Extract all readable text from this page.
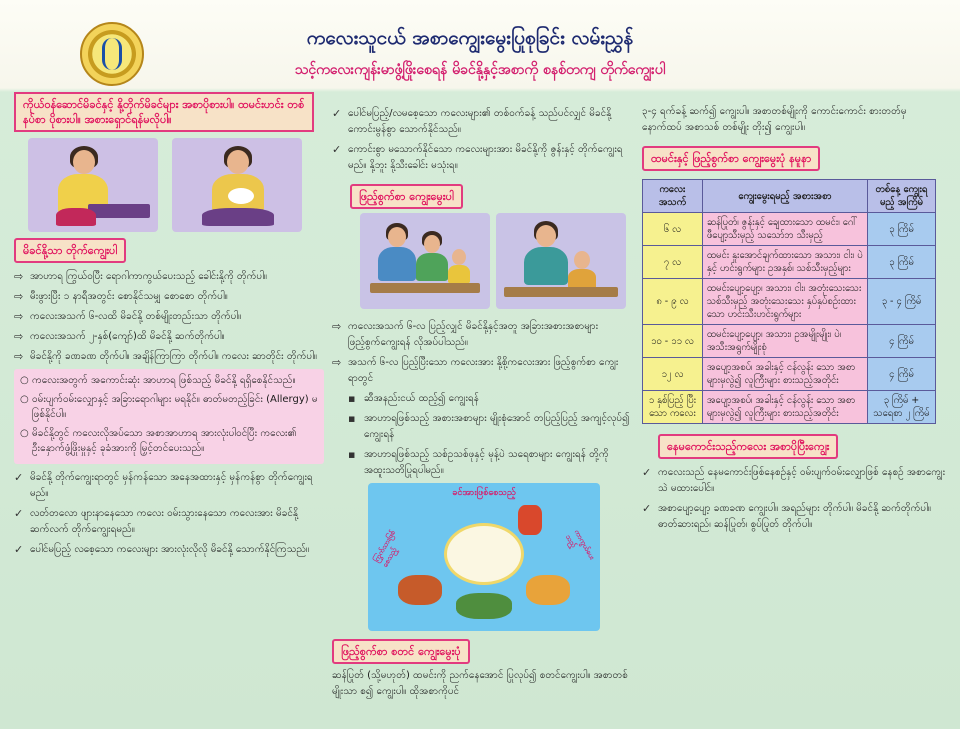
ကလေးသူငယ် အစာကျွေးမွေးပြုစုခြင်း လမ်းညွှန်
သင့်ကလေးကျန်းမာဖွံ့ဖြိုးစေရန် မိခင်နို့နှင့်အစာကို စနစ်တကျ တိုက်ကျွေးပါ
ကိုယ်ဝန်ဆောင်မိခင်နှင့် နို့တိုက်မိခင်များ အစာပိုစားပါ။ ထမင်းဟင်း တစ်နပ်စာ ပိုစားပါ။ အစားရှောင်ရန်မလိုပါ။
မိခင်နို့သာ တိုက်ကျွေးပါ
⇨ အာဟာရ ကြွယ်ဝပြီး ရောဂါကာကွယ်ပေးသည့် ခေါင်းနို့ကို တိုက်ပါ။
⇨ မီးဖွားပြီး ၁ နာရီအတွင်း စောနိုင်သမျှ စောစော တိုက်ပါ။
⇨ ကလေးအသက် ၆-လထိ မိခင်နို့ တစ်မျိုးတည်းသာ တိုက်ပါ။
⇨ ကလေးအသက် ၂-နှစ်(ကျော်)ထိ မိခင်နို့ ဆက်တိုက်ပါ။
⇨ မိခင်နို့ကို ခဏခဏ တိုက်ပါ။ အချိန်ကြာကြာ တိုက်ပါ။ ကလေး ဆာတိုင်း တိုက်ပါ။
○ ကလေးအတွက် အကောင်းဆုံး အာဟာရ ဖြစ်သည့် မိခင်နို့ ရရှိစေနိုင်သည်။
○ ဝမ်းပျက်ဝမ်းလျှောနှင့် အခြားရောဂါများ မရနိုင်။ ဓာတ်မတည့်ခြင်း (Allergy) မဖြစ်နိုင်ပါ။
○ မိခင်နို့တွင် ကလေးလိုအပ်သော အစာအာဟာရ အားလုံးပါဝင်ပြီး ကလေး၏ ဦးနှောက်ဖွံ့ဖြိုးမှုနှင့် ခုခံအားကို မြှင့်တင်ပေးသည်။
✓ မိခင်နို့ တိုက်ကျွေးရာတွင် မှန်ကန်သော အနေအထားနှင့် မှန်ကန်စွာ တိုက်ကျွေးရမည်။
✓ လတ်တလော ဖျားနာနေသော ကလေး ဝမ်းသွားနေသော ကလေးအား မိခင်နို့ ဆက်လက် တိုက်ကျွေးရမည်။
✓ ပေါင်မပြည့် လစေ့သော ကလေးများ အားလုံးလိုလို မိခင်နို့ သောက်နိုင်ကြသည်။
✓ ပေါင်မပြည့်/လမစေ့သော ကလေးများ၏ တစ်ဝက်ခန့် သည်ပင်လျှင် မိခင်နို့ ကောင်းမွန်စွာ သောက်နိုင်သည်။
✓ ကောင်းစွာ မသောက်နိုင်သော ကလေးများအား မိခင်နို့ကို ဇွန်းနှင့် တိုက်ကျွေးရမည်။ နို့ဘူး နို့သီးခေါင်း မသုံးရ။
ဖြည့်စွက်စာ ကျွေးမွေးပါ
⇨ ကလေးအသက် ၆-လ ပြည့်လျှင် မိခင်နို့နှင့်အတူ အခြားအစားအစာများ ဖြည့်စွက်ကျွေးရန် လိုအပ်ပါသည်။
⇨ အသက် ၆-လ ပြည့်ပြီးသော ကလေးအား နို့စို့ကလေးအား ဖြည့်စွက်စာ ကျွေးရာတွင်
▪ ဆီအနည်းငယ် ထည့်၍ ကျွေးရန်
▪ အာဟာရဖြစ်သည့် အစားအစာများ မျိုးစုံအောင် တပြည့်ပြည့် အကျင့်လုပ်၍ ကျွေးရန်
▪ အာဟာရဖြစ်သည့် သစ်ဥသစ်ဖုနှင့် မုန့်ပဲ သရေစာများ ကျွေးရန် တို့ကို အထူးသတိပြုရပါမည်။
ခင်အားဖြစ်စေသည့်
ကြွက်သားဖြစ်စေသည့်	ကာကွယ်ပေးသည့်
ဖြည့်စွက်စာ စတင် ကျွေးမွေးပုံ
ဆန်ပြုတ် (သို့မဟုတ်) ထမင်းကို ညက်နေအောင် ပြုလုပ်၍ စတင်ကျွေးပါ။ အစာတစ်မျိုးသာ စ၍ ကျွေးပါ။ ထိုအစာကိုပင်
၃-၄ ရက်ခန့် ဆက်၍ ကျွေးပါ။ အစာတစ်မျိုးကို ကောင်းကောင်း စားတတ်မှ နောက်ထပ် အစာသစ် တစ်မျိုး တိုး၍ ကျွေးပါ။
ထမင်းနှင့် ဖြည့်စွက်စာ ကျွေးမွေးပုံ နမူနာ
ကလေး အသက်	ကျွေးမွေးရမည့် အစားအစာ	တစ်နေ့ ကျွေးရမည့် အကြိမ်
၆ လ	ဆန်ပြုတ်၊ ဇွန်းနှင့် ချေထားသော ထမင်း၊ ဂေါ်ဖီပျော့သီးမှည့် သသော်ဘ သီးမှည့်	၃ ကြိမ်
၇ လ	ထမင်း နူးအောင်ချက်ထားသော အသား၊ ငါး၊ ပဲနှင့် ဟင်းရွက်များ ဥအနှစ်၊ သစ်သီးမှည့်များ	၃ ကြိမ်
၈ - ၉ လ	ထမင်းပျော့ပျော့၊ အသား၊ ငါး၊ အတုံးသေးသေး သစ်သီးမှည့် အတုံးသေးသေး နှပ်နှပ်စဉ်းထား သော ဟင်းသီးဟင်းရွက်များ	၃ - ၄ ကြိမ်
၁၀ - ၁၁ လ	ထမင်းပျော့ပျော့၊ အသား၊ ဥအမျိုးမျိုး၊ ပဲ၊ အသီးအရွက်မျိုးစုံ	၄ ကြိမ်
၁၂ လ	အပျော့အစပ်၊ အခါးနှင့် ငန်လွန်း သော အစာများမှလွဲ၍ လူကြီးများ စားသည့်အတိုင်း	၄ ကြိမ်
၁ နှစ်ပြည့် ပြီးသော ကလေး	အပျော့အစပ်၊ အခါးနှင့် ငန်လွန်း သော အစာများမှလွဲ၍ လူကြီးများ စားသည့်အတိုင်း	၃ ကြိမ် + သရေစာ ၂ ကြိမ်
နေမကောင်းသည့်ကလေး အစာပိုပြီးကျွေး
✓ ကလေးသည် နေမကောင်းဖြစ်နေစဉ်နှင့် ဝမ်းပျက်ဝမ်းလျှောဖြစ် နေစဉ် အစာကျွေးသဲ မထားပေါင်။
✓ အစာပျော့ပျော့ ခဏခဏ ကျွေးပါ။ အရည်များ တိုက်ပါ။ မိခင်နို့ ဆက်တိုက်ပါ။ ဓာတ်ဆားရည်၊ ဆန်ပြုတ်၊ စွပ်ပြုတ် တိုက်ပါ။
